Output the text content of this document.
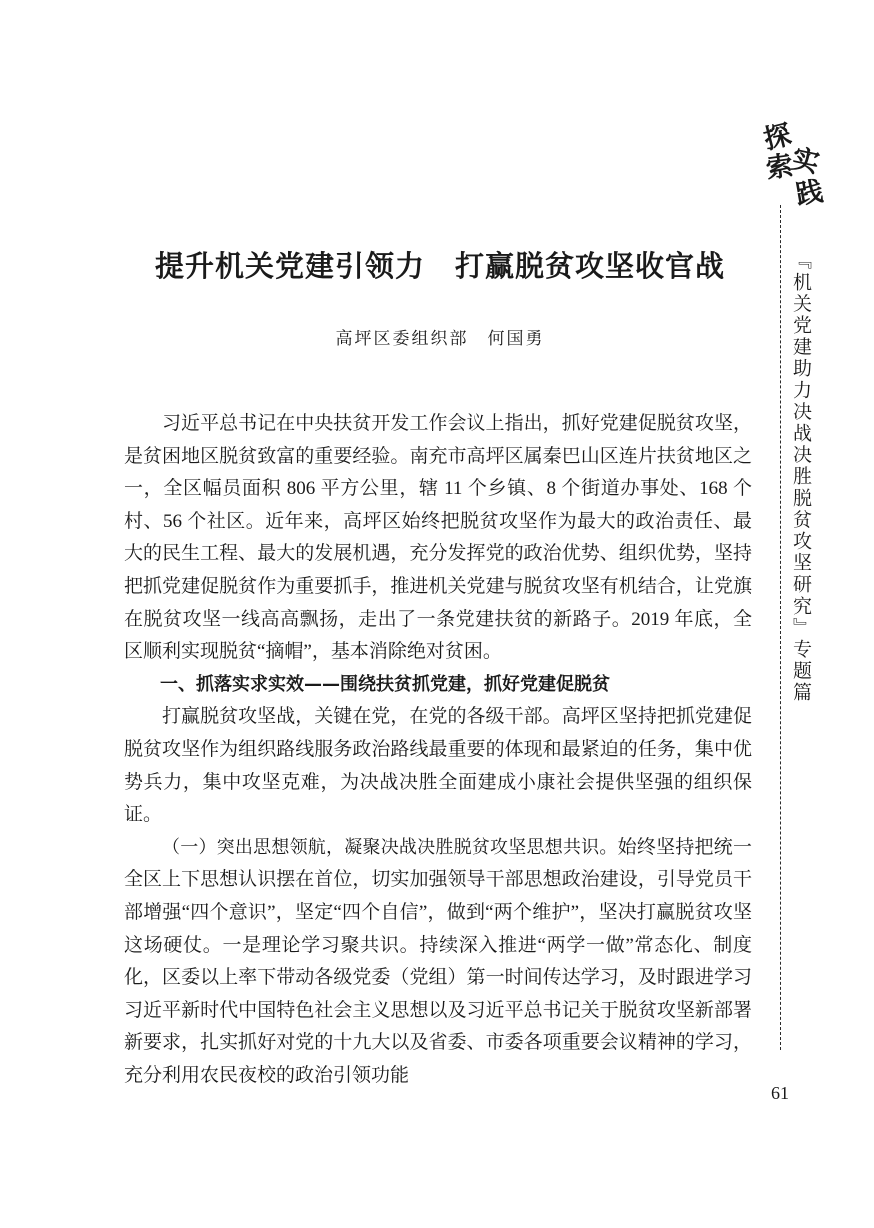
探
索
实
践
『机关党建助力决战决胜脱贫攻坚研究』专题篇
提升机关党建引领力　打赢脱贫攻坚收官战
高坪区委组织部　何国勇

习近平总书记在中央扶贫开发工作会议上指出，抓好党建促脱贫攻坚，是贫困地区脱贫致富的重要经验。南充市高坪区属秦巴山区连片扶贫地区之一，全区幅员面积 806 平方公里，辖 11 个乡镇、8 个街道办事处、168 个村、56 个社区。近年来，高坪区始终把脱贫攻坚作为最大的政治责任、最大的民生工程、最大的发展机遇，充分发挥党的政治优势、组织优势，坚持把抓党建促脱贫作为重要抓手，推进机关党建与脱贫攻坚有机结合，让党旗在脱贫攻坚一线高高飘扬，走出了一条党建扶贫的新路子。2019 年底，全区顺利实现脱贫“摘帽”，基本消除绝对贫困。

一、抓落实求实效——围绕扶贫抓党建，抓好党建促脱贫

打赢脱贫攻坚战，关键在党，在党的各级干部。高坪区坚持把抓党建促脱贫攻坚作为组织路线服务政治路线最重要的体现和最紧迫的任务，集中优势兵力，集中攻坚克难，为决战决胜全面建成小康社会提供坚强的组织保证。

（一）突出思想领航，凝聚决战决胜脱贫攻坚思想共识。始终坚持把统一全区上下思想认识摆在首位，切实加强领导干部思想政治建设，引导党员干部增强“四个意识”，坚定“四个自信”，做到“两个维护”，坚决打赢脱贫攻坚这场硬仗。一是理论学习聚共识。持续深入推进“两学一做”常态化、制度化，区委以上率下带动各级党委（党组）第一时间传达学习，及时跟进学习习近平新时代中国特色社会主义思想以及习近平总书记关于脱贫攻坚新部署新要求，扎实抓好对党的十九大以及省委、市委各项重要会议精神的学习，充分利用农民夜校的政治引领功能

61
